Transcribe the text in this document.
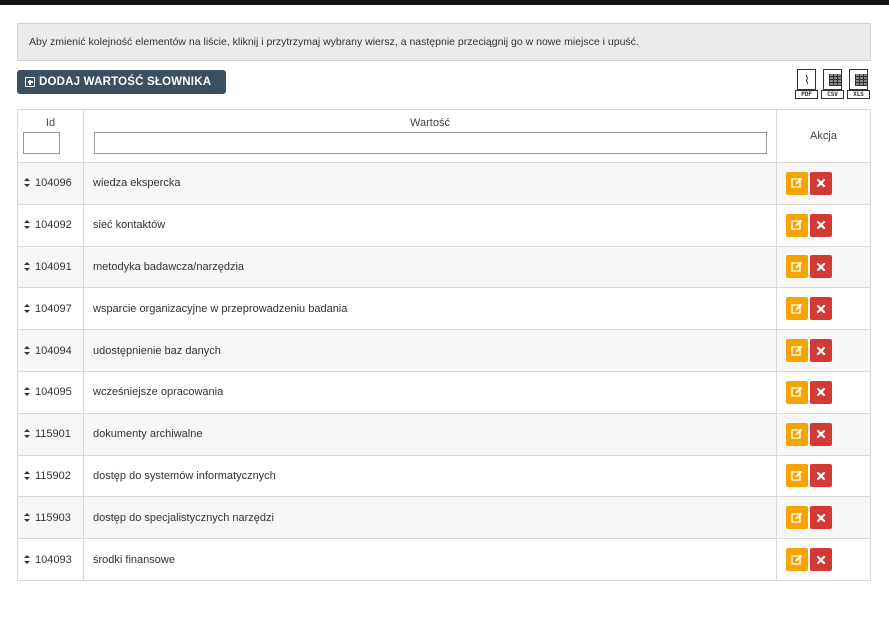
Aby zmienić kolejność elementów na liście, kliknij i przytrzymaj wybrany wiersz, a następnie przeciągnij go w nowe miejsce i upuść.
DODAJ WARTOŚĆ SŁOWNIKA	⌇
PDF	CSV	XLS
Id	Wartość	Akcja
104096	wiedza ekspercka	

104092	sieć kontaktów	

104091	metodyka badawcza/narzędzia	

104097	wsparcie organizacyjne w przeprowadzeniu badania	

104094	udostępnienie baz danych	

104095	wcześniejsze opracowania	

115901	dokumenty archiwalne	

115902	dostęp do systemów informatycznych	

115903	dostęp do specjalistycznych narzędzi	

104093	środki finansowe	
